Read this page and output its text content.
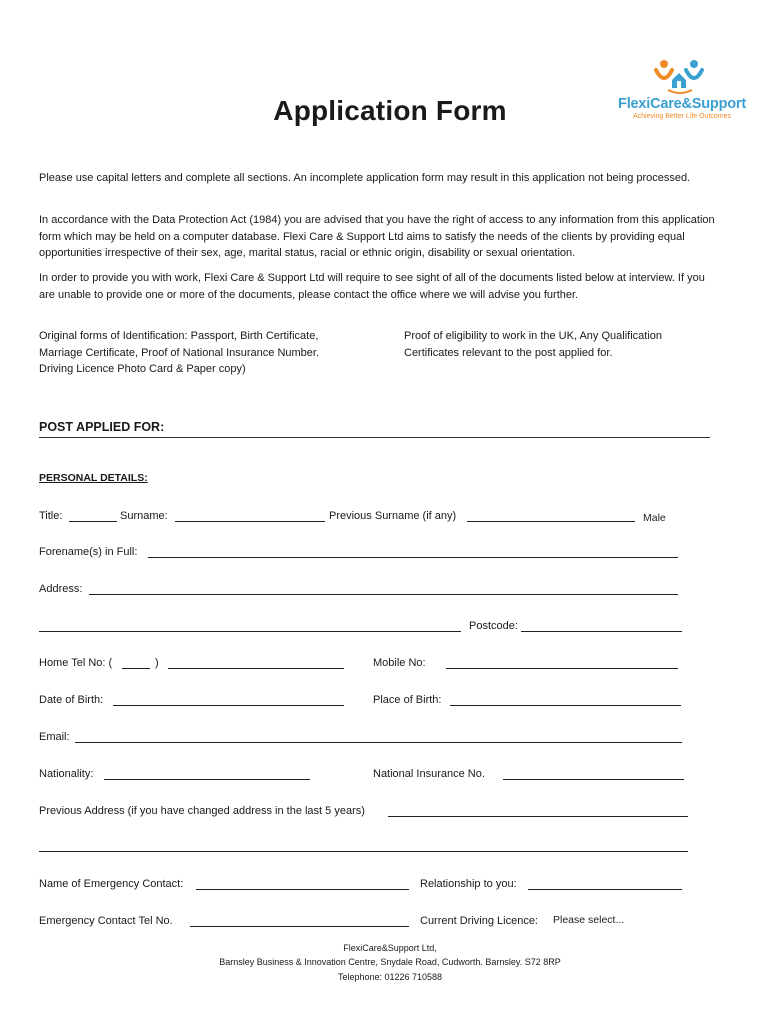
Application Form	FlexiCare&Support
Achieving Better Life Outcomes
Please use capital letters and complete all sections. An incomplete application form may result in this application not being processed.
In accordance with the Data Protection Act (1984) you are advised that you have the right of access to any information from this application form which may be held on a computer database. Flexi Care & Support Ltd aims to satisfy the needs of the clients by providing equal opportunities irrespective of their sex, age, marital status, racial or ethnic origin, disability or sexual orientation.
In order to provide you with work, Flexi Care & Support Ltd will require to see sight of all of the documents listed below at interview. If you are unable to provide one or more of the documents, please contact the office where we will advise you further.
Original forms of Identification: Passport, Birth Certificate, Marriage Certificate, Proof of National Insurance Number. Driving Licence Photo Card & Paper copy)
Proof of eligibility to work in the UK, Any Qualification Certificates relevant to the post applied for.
POST APPLIED FOR:
PERSONAL DETAILS:
Title:	Surname:	Previous Surname (if any)	Male
Forename(s) in Full:
Address:
Postcode:
Home Tel No: (	)	Mobile No:
Date of Birth:	Place of Birth:
Email:
Nationality:	National Insurance No.
Previous Address (if you have changed address in the last 5 years)
Name of Emergency Contact:	Relationship to you:
Emergency Contact Tel No.	Current Driving Licence: Please select...
FlexiCare&Support Ltd,
Barnsley Business & Innovation Centre, Snydale Road, Cudworth. Barnsley. S72 8RP
Telephone: 01226 710588
